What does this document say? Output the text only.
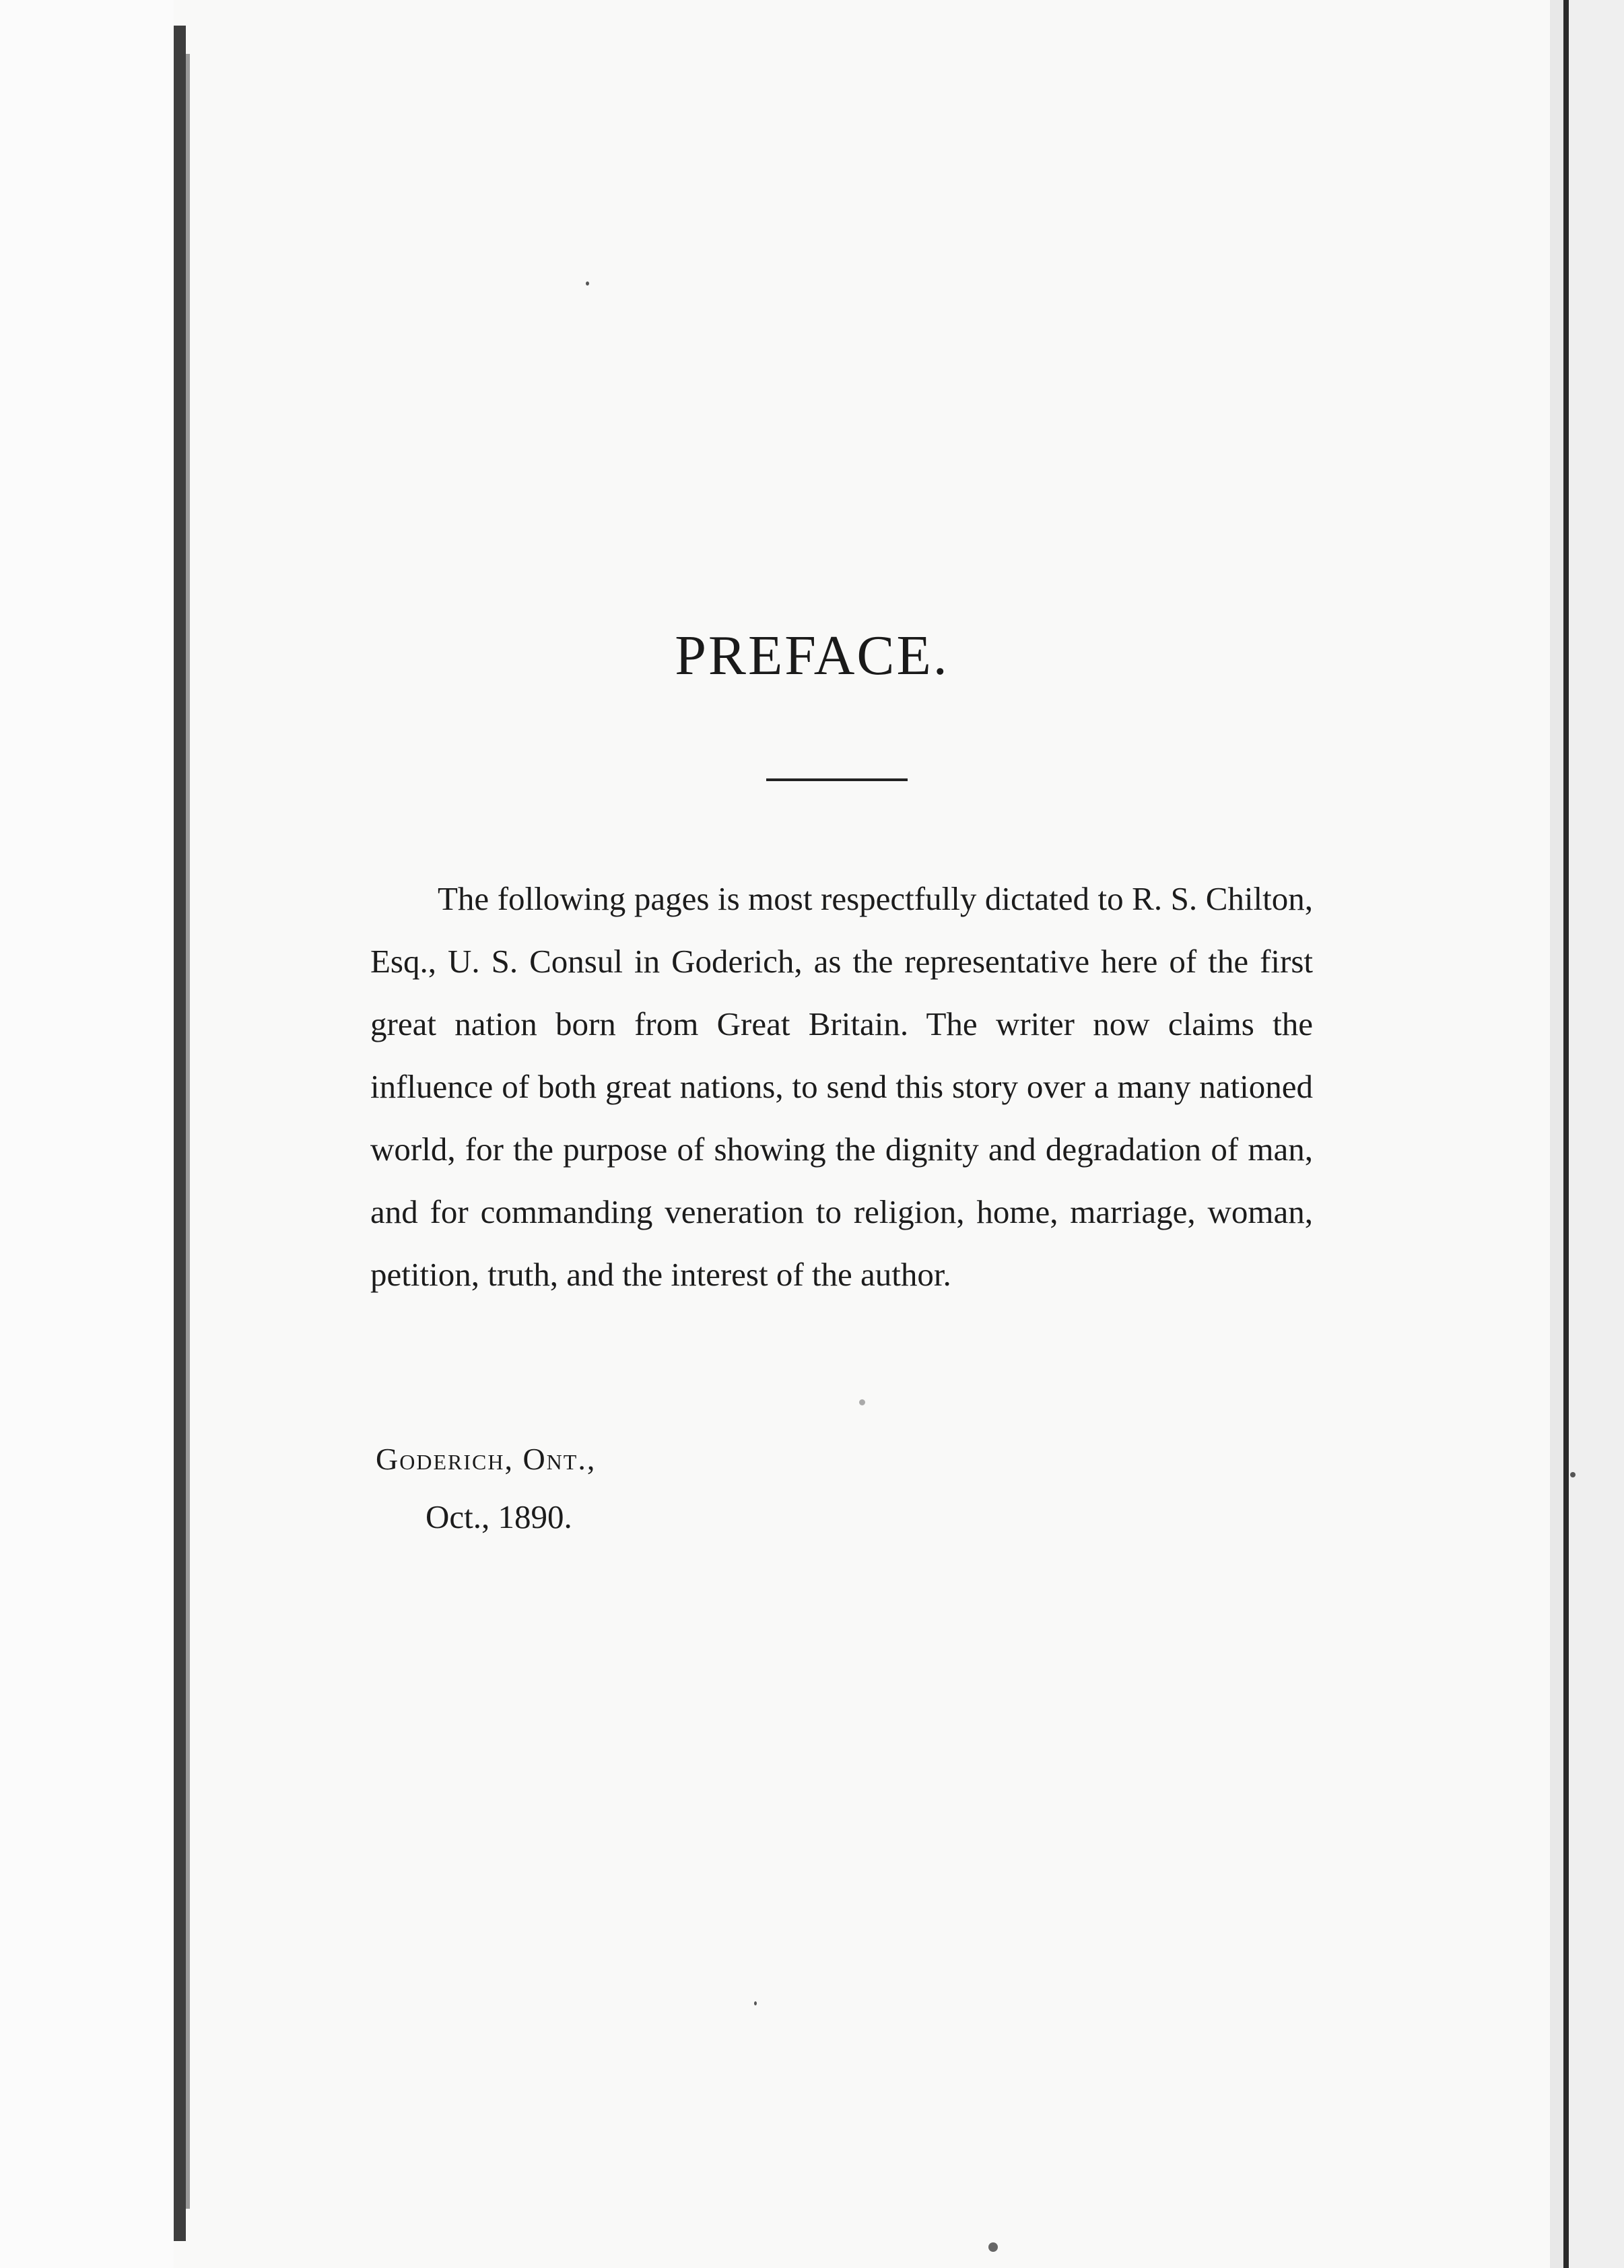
PREFACE.

The following pages is most respectfully dictated to R. S. Chilton, Esq., U. S. Consul in Goderich, as the representative here of the first great nation born from Great Britain. The writer now claims the influence of both great nations, to send this story over a many nationed world, for the purpose of showing the dignity and degradation of man, and for commanding veneration to religion, home, marriage, woman, petition, truth, and the interest of the author.

Goderich, Ont.,
Oct., 1890.
